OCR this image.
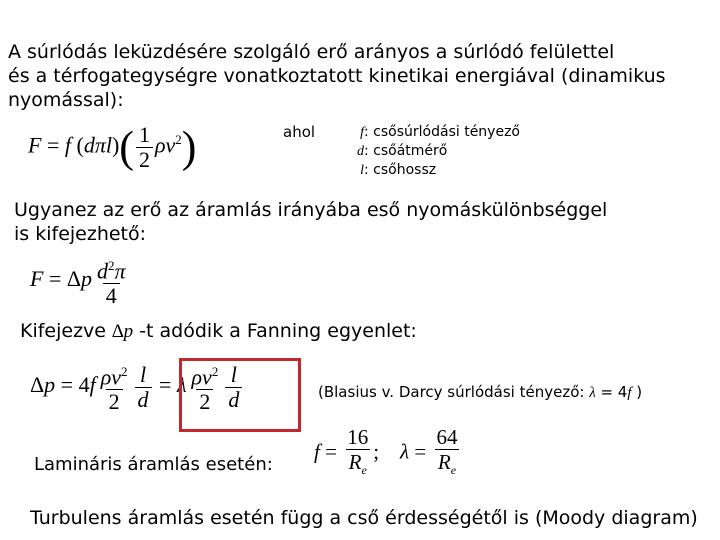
A súrlódás leküzdésére szolgáló erő arányos a súrlódó felülettel
és a térfogategységre vonatkoztatott kinetikai energiával (dinamikus
nyomással):
F = f $(d\pi l)( \frac{1}{2} \rho v^2)$	ahol	f: csősúrlódási tényező
d: csőátmérő
l: csőhossz
Ugyanez az erő az áramlás irányába eső nyomáskülönbséggel
is kifejezhető:
F = Δp $\frac{d^2\pi}{4}$
Kifejezve ∆p -t adódik a Fanning egyenlet:
$\Delta p = 4f \frac{\rho v^2}{2} \frac{l}{d} = \lambda \frac{\rho v^2}{2} \frac{l}{d}$	(Blasius v. Darcy súrlódási tényező: λ = 4f )
Lamináris áramlás esetén:
$f = \frac{16}{R_e}$ ;    $\lambda = \frac{64}{R_e}$
Turbulens áramlás esetén függ a cső érdességétől is (Moody diagram)
